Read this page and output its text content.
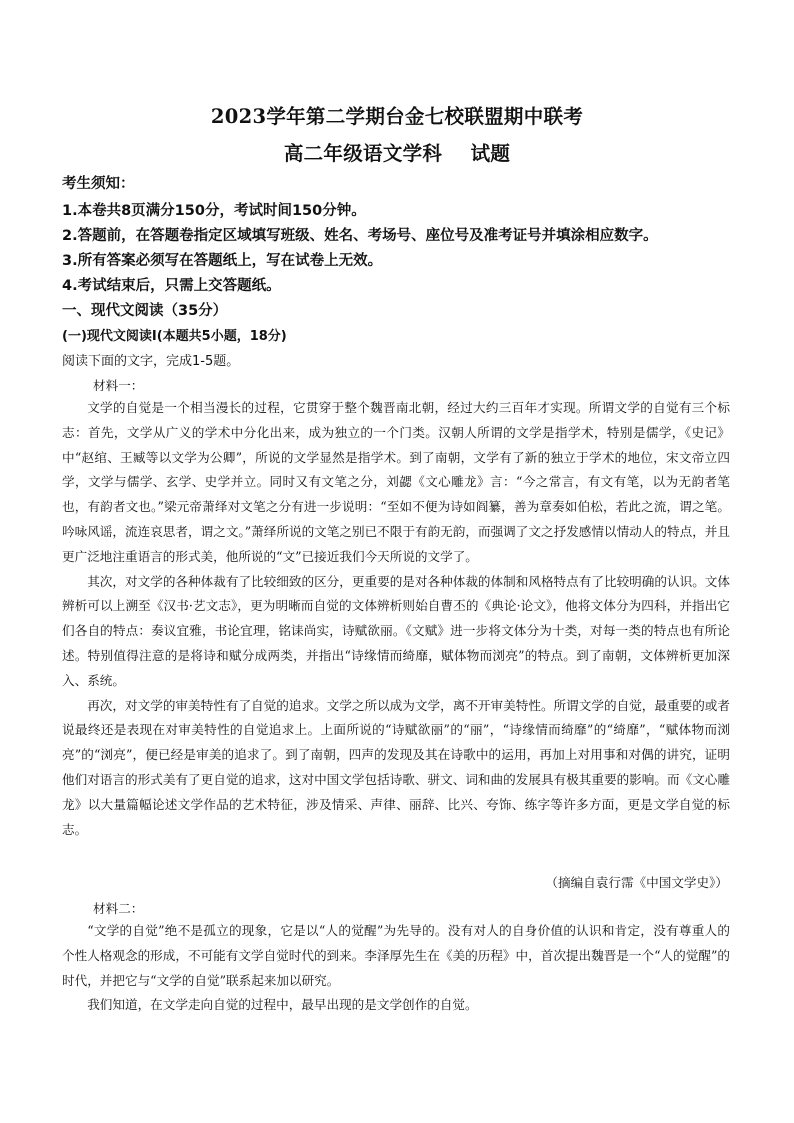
2023学年第二学期台金七校联盟期中联考
高二年级语文学科    试题
考生须知：
1.本卷共8页满分150分，考试时间150分钟。
2.答题前，在答题卷指定区域填写班级、姓名、考场号、座位号及准考证号并填涂相应数字。
3.所有答案必须写在答题纸上，写在试卷上无效。
4.考试结束后，只需上交答题纸。
一、现代文阅读（35分）
(一)现代文阅读Ⅰ(本题共5小题，18分)
阅读下面的文字，完成1-5题。
材料一：

文学的自觉是一个相当漫长的过程，它贯穿于整个魏晋南北朝，经过大约三百年才实现。所谓文学的自觉有三个标志：首先，文学从广义的学术中分化出来，成为独立的一个门类。汉朝人所谓的文学是指学术，特别是儒学，《史记》中“赵绾、王臧等以文学为公卿”，所说的文学显然是指学术。到了南朝，文学有了新的独立于学术的地位，宋文帝立四学，文学与儒学、玄学、史学并立。同时又有文笔之分，刘勰《文心雕龙》言：“今之常言，有文有笔，以为无韵者笔也，有韵者文也。”梁元帝萧绎对文笔之分有进一步说明：“至如不便为诗如阎纂，善为章奏如伯松，若此之流，谓之笔。吟咏风谣，流连哀思者，谓之文。”萧绎所说的文笔之别已不限于有韵无韵，而强调了文之抒发感情以情动人的特点，并且更广泛地注重语言的形式美，他所说的“文”已接近我们今天所说的文学了。

其次，对文学的各种体裁有了比较细致的区分，更重要的是对各种体裁的体制和风格特点有了比较明确的认识。文体辨析可以上溯至《汉书·艺文志》，更为明晰而自觉的文体辨析则始自曹丕的《典论·论文》，他将文体分为四科，并指出它们各自的特点：奏议宜雅，书论宜理，铭诔尚实，诗赋欲丽。《文赋》进一步将文体分为十类，对每一类的特点也有所论述。特别值得注意的是将诗和赋分成两类，并指出“诗缘情而绮靡，赋体物而浏亮”的特点。到了南朝，文体辨析更加深入、系统。

再次，对文学的审美特性有了自觉的追求。文学之所以成为文学，离不开审美特性。所谓文学的自觉，最重要的或者说最终还是表现在对审美特性的自觉追求上。上面所说的“诗赋欲丽”的“丽”，“诗缘情而绮靡”的“绮靡”，“赋体物而浏亮”的“浏亮”，便已经是审美的追求了。到了南朝，四声的发现及其在诗歌中的运用，再加上对用事和对偶的讲究，证明他们对语言的形式美有了更自觉的追求，这对中国文学包括诗歌、骈文、词和曲的发展具有极其重要的影响。而《文心雕龙》以大量篇幅论述文学作品的艺术特征，涉及情采、声律、丽辞、比兴、夸饰、练字等许多方面，更是文学自觉的标志。

（摘编自袁行霈《中国文学史》）
材料二：

“文学的自觉”绝不是孤立的现象，它是以“人的觉醒”为先导的。没有对人的自身价值的认识和肯定，没有尊重人的个性人格观念的形成，不可能有文学自觉时代的到来。李泽厚先生在《美的历程》中，首次提出魏晋是一个“人的觉醒”的时代，并把它与“文学的自觉”联系起来加以研究。

我们知道，在文学走向自觉的过程中，最早出现的是文学创作的自觉。
